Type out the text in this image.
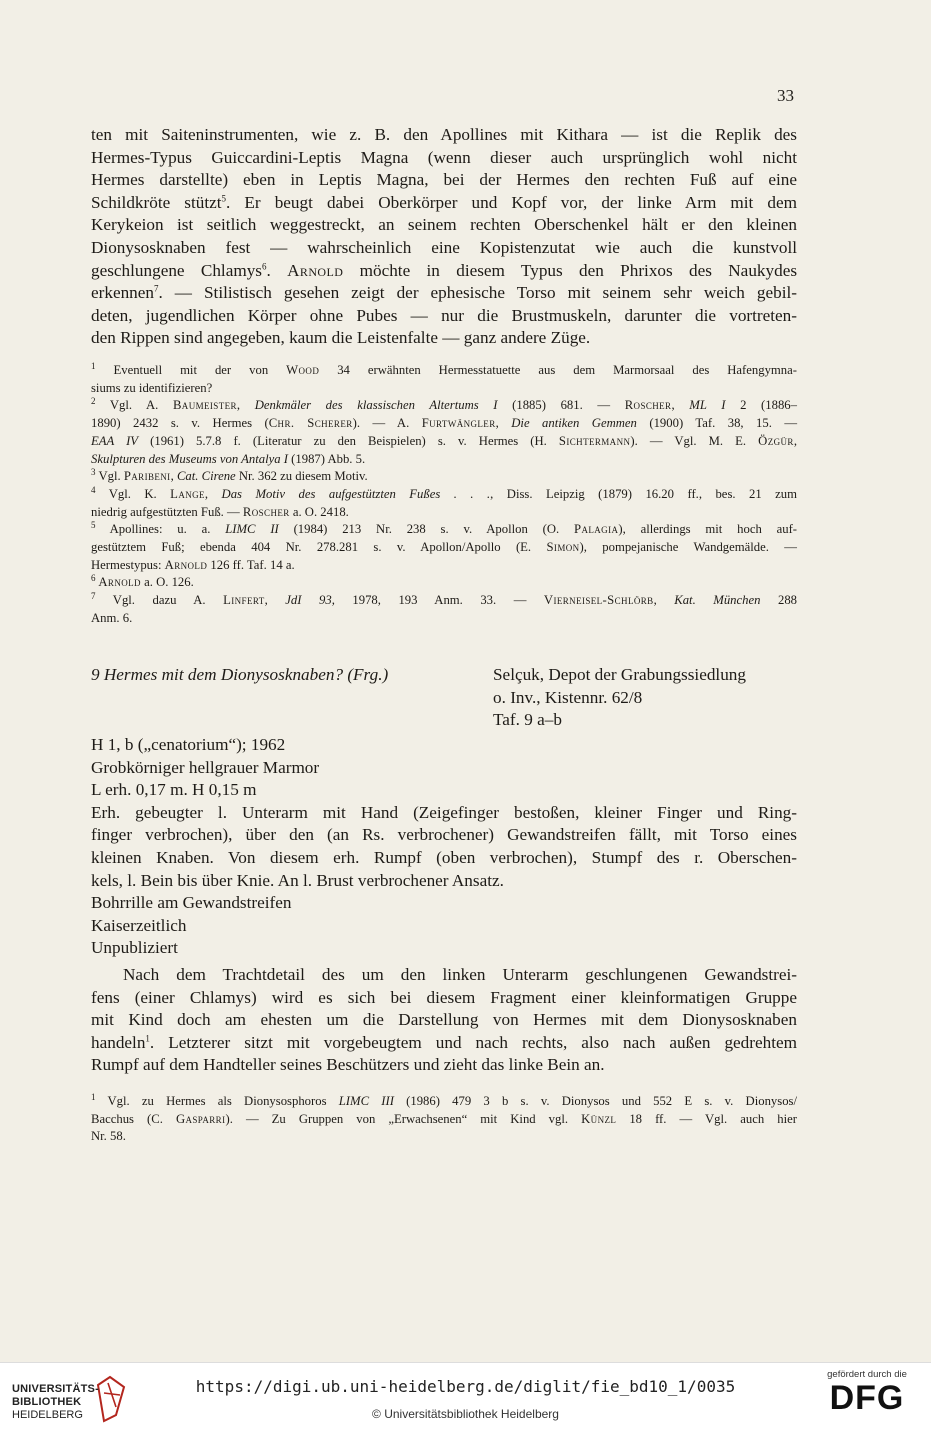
33

ten mit Saiteninstrumenten, wie z. B. den Apollines mit Kithara — ist die Replik des

Hermes-Typus Guiccardini-Leptis Magna (wenn dieser auch ursprünglich wohl nicht

Hermes darstellte) eben in Leptis Magna, bei der Hermes den rechten Fuß auf eine

Schildkröte stützt$^5$. Er beugt dabei Oberkörper und Kopf vor, der linke Arm mit dem

Kerykeion ist seitlich weggestreckt, an seinem rechten Oberschenkel hält er den kleinen

Dionysosknaben fest — wahrscheinlich eine Kopistenzutat wie auch die kunstvoll

geschlungene Chlamys$^6$. Arnold möchte in diesem Typus den Phrixos des Naukydes

erkennen$^7$. — Stilistisch gesehen zeigt der ephesische Torso mit seinem sehr weich gebil-

deten, jugendlichen Körper ohne Pubes — nur die Brustmuskeln, darunter die vortreten-

den Rippen sind angegeben, kaum die Leistenfalte — ganz andere Züge.

$^1$ Eventuell mit der von Wood 34 erwähnten Hermesstatuette aus dem Marmorsaal des Hafengymna-

siums zu identifizieren?

$^2$ Vgl. A. Baumeister, Denkmäler des klassischen Altertums I (1885) 681. — Roscher, ML I 2 (1886–

1890) 2432 s. v. Hermes (Chr. Scherer). — A. Furtwängler, Die antiken Gemmen (1900) Taf. 38, 15. —

EAA IV (1961) 5.7.8 f. (Literatur zu den Beispielen) s. v. Hermes (H. Sichtermann). — Vgl. M. E. Özgür,

Skulpturen des Museums von Antalya I (1987) Abb. 5.

$^3$ Vgl. Paribeni, Cat. Cirene Nr. 362 zu diesem Motiv.

$^4$ Vgl. K. Lange, Das Motiv des aufgestützten Fußes . . ., Diss. Leipzig (1879) 16.20 ff., bes. 21 zum

niedrig aufgestützten Fuß. — Roscher a. O. 2418.

$^5$ Apollines: u. a. LIMC II (1984) 213 Nr. 238 s. v. Apollon (O. Palagia), allerdings mit hoch auf-

gestütztem Fuß; ebenda 404 Nr. 278.281 s. v. Apollon/Apollo (E. Simon), pompejanische Wandgemälde. —

Hermestypus: Arnold 126 ff. Taf. 14 a.

$^6$ Arnold a. O. 126.

$^7$ Vgl. dazu A. Linfert, JdI 93, 1978, 193 Anm. 33. — Vierneisel-Schlörb, Kat. München 288

Anm. 6.

9 Hermes mit dem Dionysosknaben? (Frg.)	Selçuk, Depot der Grabungssiedlung
o. Inv., Kistennr. 62/8
Taf. 9 a–b

H 1, b („cenatorium“); 1962

Grobkörniger hellgrauer Marmor

L erh. 0,17 m. H 0,15 m

Erh. gebeugter l. Unterarm mit Hand (Zeigefinger bestoßen, kleiner Finger und Ring-

finger verbrochen), über den (an Rs. verbrochener) Gewandstreifen fällt, mit Torso eines

kleinen Knaben. Von diesem erh. Rumpf (oben verbrochen), Stumpf des r. Oberschen-

kels, l. Bein bis über Knie. An l. Brust verbrochener Ansatz.

Bohrrille am Gewandstreifen

Kaiserzeitlich

Unpubliziert

Nach dem Trachtdetail des um den linken Unterarm geschlungenen Gewandstrei-

fens (einer Chlamys) wird es sich bei diesem Fragment einer kleinformatigen Gruppe

mit Kind doch am ehesten um die Darstellung von Hermes mit dem Dionysosknaben

handeln$^1$. Letzterer sitzt mit vorgebeugtem und nach rechts, also nach außen gedrehtem

Rumpf auf dem Handteller seines Beschützers und zieht das linke Bein an.

$^1$ Vgl. zu Hermes als Dionysosphoros LIMC III (1986) 479 3 b s. v. Dionysos und 552 E s. v. Dionysos/

Bacchus (C. Gasparri). — Zu Gruppen von „Erwachsenen“ mit Kind vgl. Künzl 18 ff. — Vgl. auch hier

Nr. 58.

UNIVERSITÄTS-
BIBLIOTHEK
HEIDELBERG
https://digi.ub.uni-heidelberg.de/diglit/fie_bd10_1/0035
© Universitätsbibliothek Heidelberg
gefördert durch die
DFG
